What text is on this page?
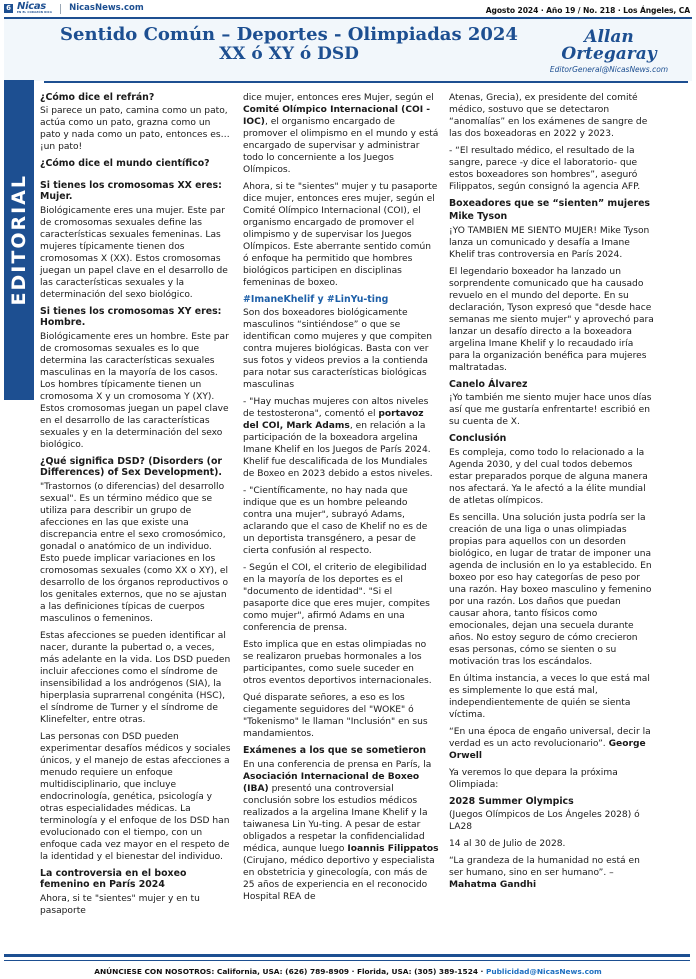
6 Nicas
EN EL CORAZÓN NICA NicasNews.com	Agosto 2024 · Año 19 / No. 218 · Los Ángeles, CA
Sentido Común – Deportes - Olimpiadas 2024
XX ó XY ó DSD
Allan Ortegaray
EditorGeneral@NicasNews.com
EDITORIAL
¿Cómo dice el refrán?

Si parece un pato, camina como un pato, actúa como un pato, grazna como un pato y nada como un pato, entonces es… ¡un pato!

¿Cómo dice el mundo científico?
Si tienes los cromosomas XX eres: Mujer.

Biológicamente eres una mujer. Este par de cromosomas sexuales define las características sexuales femeninas. Las mujeres típicamente tienen dos cromosomas X (XX). Estos cromosomas juegan un papel clave en el desarrollo de las características sexuales y la determinación del sexo biológico.

Si tienes los cromosomas XY eres: Hombre.

Biológicamente eres un hombre. Este par de cromosomas sexuales es lo que determina las características sexuales masculinas en la mayoría de los casos. Los hombres típicamente tienen un cromosoma X y un cromosoma Y (XY). Estos cromosomas juegan un papel clave en el desarrollo de las características sexuales y en la determinación del sexo biológico.

¿Qué significa DSD? (Disorders (or Differences) of Sex Development).

"Trastornos (o diferencias) del desarrollo sexual". Es un término médico que se utiliza para describir un grupo de afecciones en las que existe una discrepancia entre el sexo cromosómico, gonadal o anatómico de un individuo. Esto puede implicar variaciones en los cromosomas sexuales (como XX o XY), el desarrollo de los órganos reproductivos o los genitales externos, que no se ajustan a las definiciones típicas de cuerpos masculinos o femeninos.

Estas afecciones se pueden identificar al nacer, durante la pubertad o, a veces, más adelante en la vida. Los DSD pueden incluir afecciones como el síndrome de insensibilidad a los andrógenos (SIA), la hiperplasia suprarrenal congénita (HSC), el síndrome de Turner y el síndrome de Klinefelter, entre otras.

Las personas con DSD pueden experimentar desafíos médicos y sociales únicos, y el manejo de estas afecciones a menudo requiere un enfoque multidisciplinario, que incluye endocrinología, genética, psicología y otras especialidades médicas. La terminología y el enfoque de los DSD han evolucionado con el tiempo, con un enfoque cada vez mayor en el respeto de la identidad y el bienestar del individuo.

La controversia en el boxeo femenino en París 2024

Ahora, si te "sientes" mujer y en tu pasaporte

dice mujer, entonces eres Mujer, según el Comité Olímpico Internacional (COI - IOC), el organismo encargado de promover el olimpismo en el mundo y está encargado de supervisar y administrar todo lo concerniente a los Juegos Olímpicos.

Ahora, si te "sientes" mujer y tu pasaporte dice mujer, entonces eres mujer, según el Comité Olímpico Internacional (COI), el organismo encargado de promover el olimpismo y de supervisar los Juegos Olímpicos. Este aberrante sentido común ó enfoque ha permitido que hombres biológicos participen en disciplinas femeninas de boxeo.

#ImaneKhelif y #LinYu-ting

Son dos boxeadores biológicamente masculinos “sintiéndose” o que se identifican como mujeres y que compiten contra mujeres biológicas. Basta con ver sus fotos y videos previos a la contienda para notar sus características biológicas masculinas

- "Hay muchas mujeres con altos niveles de testosterona", comentó el portavoz del COI, Mark Adams, en relación a la participación de la boxeadora argelina Imane Khelif en los Juegos de París 2024. Khelif fue descalificada de los Mundiales de Boxeo en 2023 debido a estos niveles.

- "Científicamente, no hay nada que indique que es un hombre peleando contra una mujer", subrayó Adams, aclarando que el caso de Khelif no es de un deportista transgénero, a pesar de cierta confusión al respecto.

- Según el COI, el criterio de elegibilidad en la mayoría de los deportes es el "documento de identidad". "Si el pasaporte dice que eres mujer, compites como mujer", afirmó Adams en una conferencia de prensa.

Esto implica que en estas olimpiadas no se realizaron pruebas hormonales a los participantes, como suele suceder en otros eventos deportivos internacionales.

Qué disparate señores, a eso es los ciegamente seguidores del "WOKE" ó "Tokenismo" le llaman "Inclusión" en sus mandamientos.

Exámenes a los que se sometieron

En una conferencia de prensa en París, la Asociación Internacional de Boxeo (IBA) presentó una controversial conclusión sobre los estudios médicos realizados a la argelina Imane Khelif y la taiwanesa Lin Yu-ting. A pesar de estar obligados a respetar la confidencialidad médica, aunque luego Ioannis Filippatos (Cirujano, médico deportivo y especialista en obstetricia y ginecología, con más de 25 años de experiencia en el reconocido Hospital REA de

Atenas, Grecia), ex presidente del comité médico, sostuvo que se detectaron “anomalías” en los exámenes de sangre de las dos boxeadoras en 2022 y 2023.

- “El resultado médico, el resultado de la sangre, parece -y dice el laboratorio- que estos boxeadores son hombres”, aseguró Filippatos, según consignó la agencia AFP.

Boxeadores que se “sienten” mujeres
Mike Tyson

¡YO TAMBIEN ME SIENTO MUJER! Mike Tyson lanza un comunicado y desafía a Imane Khelif tras controversia en París 2024.

El legendario boxeador ha lanzado un sorprendente comunicado que ha causado revuelo en el mundo del deporte. En su declaración, Tyson expresó que "desde hace semanas me siento mujer" y aprovechó para lanzar un desafío directo a la boxeadora argelina Imane Khelif y lo recaudado iría para la organización benéfica para mujeres maltratadas.

Canelo Álvarez

¡Yo también me siento mujer hace unos días así que me gustaría enfrentarte! escribió en su cuenta de X.

Conclusión

Es compleja, como todo lo relacionado a la Agenda 2030, y del cual todos debemos estar preparados porque de alguna manera nos afectará. Ya le afectó a la élite mundial de atletas olímpicos.

Es sencilla. Una solución justa podría ser la creación de una liga o unas olimpiadas propias para aquellos con un desorden biológico, en lugar de tratar de imponer una agenda de inclusión en lo ya establecido. En boxeo por eso hay categorías de peso por una razón. Hay boxeo masculino y femenino por una razón. Los daños que puedan causar ahora, tanto físicos como emocionales, dejan una secuela durante años. No estoy seguro de cómo crecieron esas personas, cómo se sienten o su motivación tras los escándalos.

En última instancia, a veces lo que está mal es simplemente lo que está mal, independientemente de quién se sienta víctima.

“En una época de engaño universal, decir la verdad es un acto revolucionario”. George Orwell

Ya veremos lo que depara la próxima Olimpiada:

2028 Summer Olympics

(Juegos Olímpicos de Los Ángeles 2028) ó LA28

14 al 30 de Julio de 2028.

“La grandeza de la humanidad no está en ser humano, sino en ser humano”. –Mahatma Gandhi

ANÚNCIESE CON NOSOTROS: California, USA: (626) 789-8909 · Florida, USA: (305) 389-1524 · Publicidad@NicasNews.com
